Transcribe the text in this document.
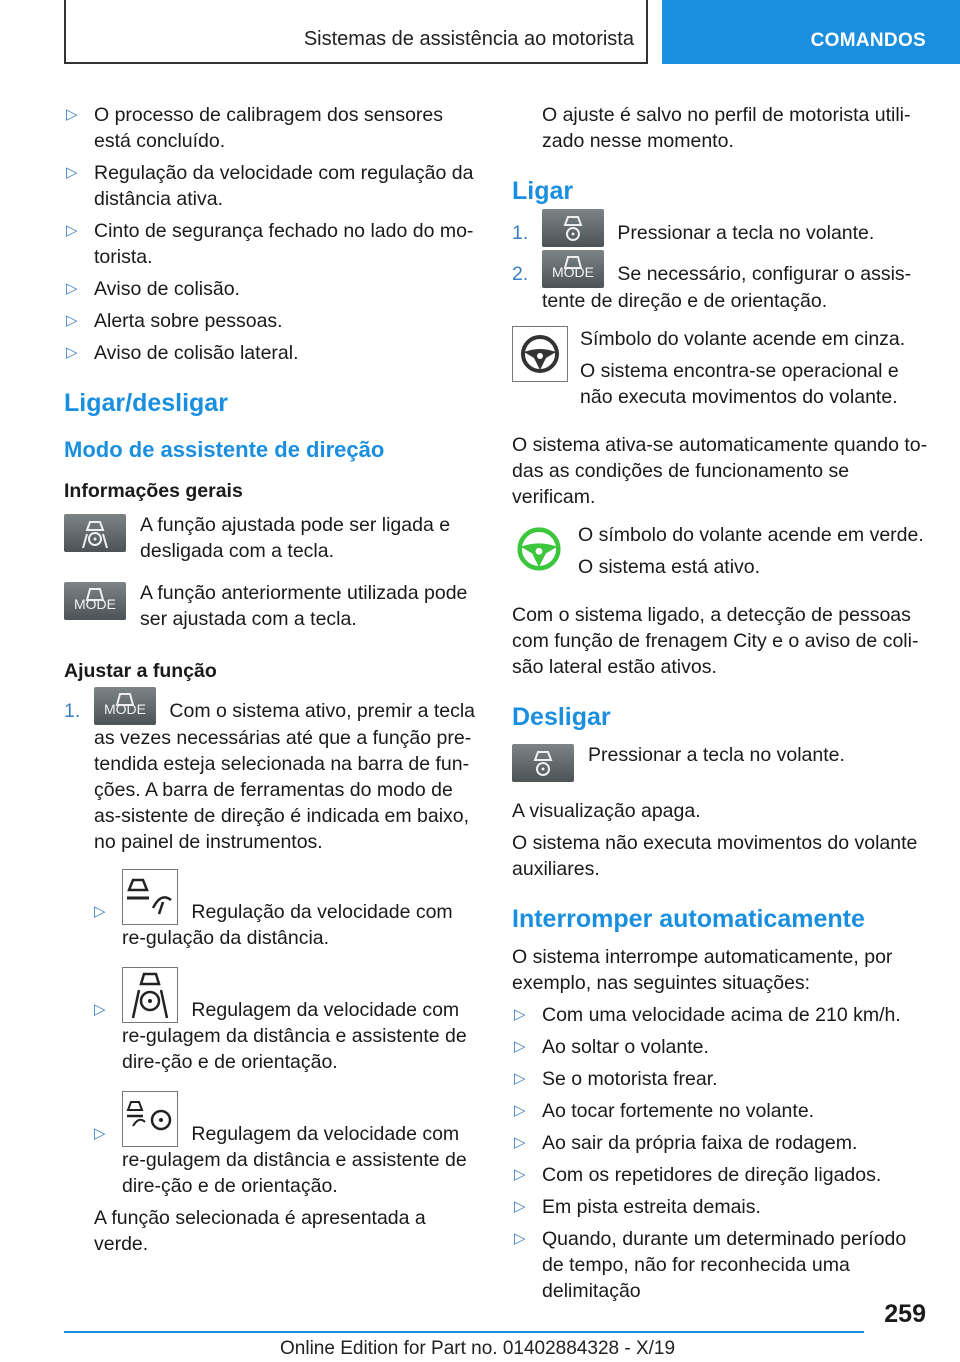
Sistemas de assistência ao motorista	COMANDOS
▷ O processo de calibragem dos sensores está concluído.
▷ Regulação da velocidade com regulação da distância ativa.
▷ Cinto de segurança fechado no lado do mo‐torista.
▷ Aviso de colisão.
▷ Alerta sobre pessoas.
▷ Aviso de colisão lateral.
Ligar/desligar
Modo de assistente de direção
Informações gerais
A função ajustada pode ser ligada e desligada com a tecla.
MODE	A função anteriormente utilizada pode ser ajustada com a tecla.
Ajustar a função
1.	MODE	Com o sistema ativo, premir a tecla as vezes necessárias até que a função pre‐tendida esteja selecionada na barra de fun‐ções. A barra de ferramentas do modo de as‐sistente de direção é indicada em baixo, no painel de instrumentos.
▷	Regulação da velocidade com re‐gulação da distância.
▷	Regulagem da velocidade com re‐gulagem da distância e assistente de dire‐ção e de orientação.
▷	Regulagem da velocidade com re‐gulagem da distância e assistente de dire‐ção e de orientação.

A função selecionada é apresentada a verde.

O ajuste é salvo no perfil de motorista utili‐zado nesse momento.

Ligar
1.	Pressionar a tecla no volante.
2.	MODE	Se necessário, configurar o assis‐tente de direção e de orientação.

Símbolo do volante acende em cinza.

O sistema encontra-se operacional e não executa movimentos do volante.

O sistema ativa-se automaticamente quando to‐das as condições de funcionamento se verificam.

O símbolo do volante acende em verde.

O sistema está ativo.

Com o sistema ligado, a detecção de pessoas com função de frenagem City e o aviso de coli‐são lateral estão ativos.

Desligar
Pressionar a tecla no volante.

A visualização apaga.

O sistema não executa movimentos do volante auxiliares.

Interromper automaticamente

O sistema interrompe automaticamente, por exemplo, nas seguintes situações:

▷ Com uma velocidade acima de 210 km/h.
▷ Ao soltar o volante.
▷ Se o motorista frear.
▷ Ao tocar fortemente no volante.
▷ Ao sair da própria faixa de rodagem.
▷ Com os repetidores de direção ligados.
▷ Em pista estreita demais.
▷ Quando, durante um determinado período de tempo, não for reconhecida uma delimitação
259
Online Edition for Part no. 01402884328 - X/19
